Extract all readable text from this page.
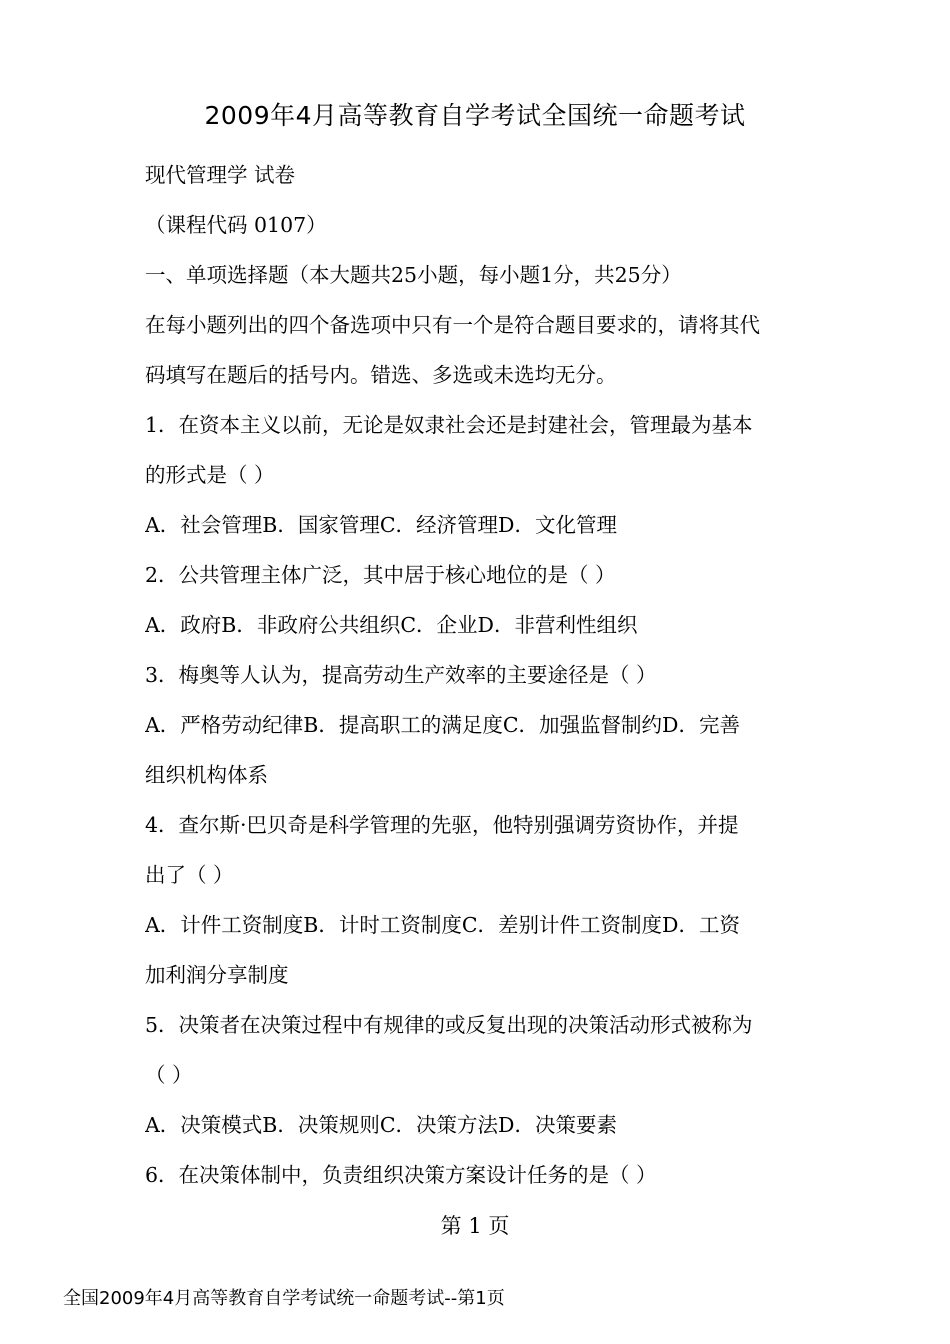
2009年4月高等教育自学考试全国统一命题考试
现代管理学 试卷
（课程代码 0107）
一、单项选择题（本大题共25小题，每小题1分，共25分）
在每小题列出的四个备选项中只有一个是符合题目要求的，请将其代
码填写在题后的括号内。错选、多选或未选均无分。
1．在资本主义以前，无论是奴隶社会还是封建社会，管理最为基本
的形式是（ ）
A．社会管理B．国家管理C．经济管理D．文化管理
2．公共管理主体广泛，其中居于核心地位的是（ ）
A．政府B．非政府公共组织C．企业D．非营利性组织
3．梅奥等人认为，提高劳动生产效率的主要途径是（ ）
A．严格劳动纪律B．提高职工的满足度C．加强监督制约D．完善
组织机构体系
4．查尔斯·巴贝奇是科学管理的先驱，他特别强调劳资协作，并提
出了（ ）
A．计件工资制度B．计时工资制度C．差别计件工资制度D．工资
加利润分享制度
5．决策者在决策过程中有规律的或反复出现的决策活动形式被称为
（ ）
A．决策模式B．决策规则C．决策方法D．决策要素
6．在决策体制中，负责组织决策方案设计任务的是（ ）
第 1 页
全国2009年4月高等教育自学考试统一命题考试--第1页
